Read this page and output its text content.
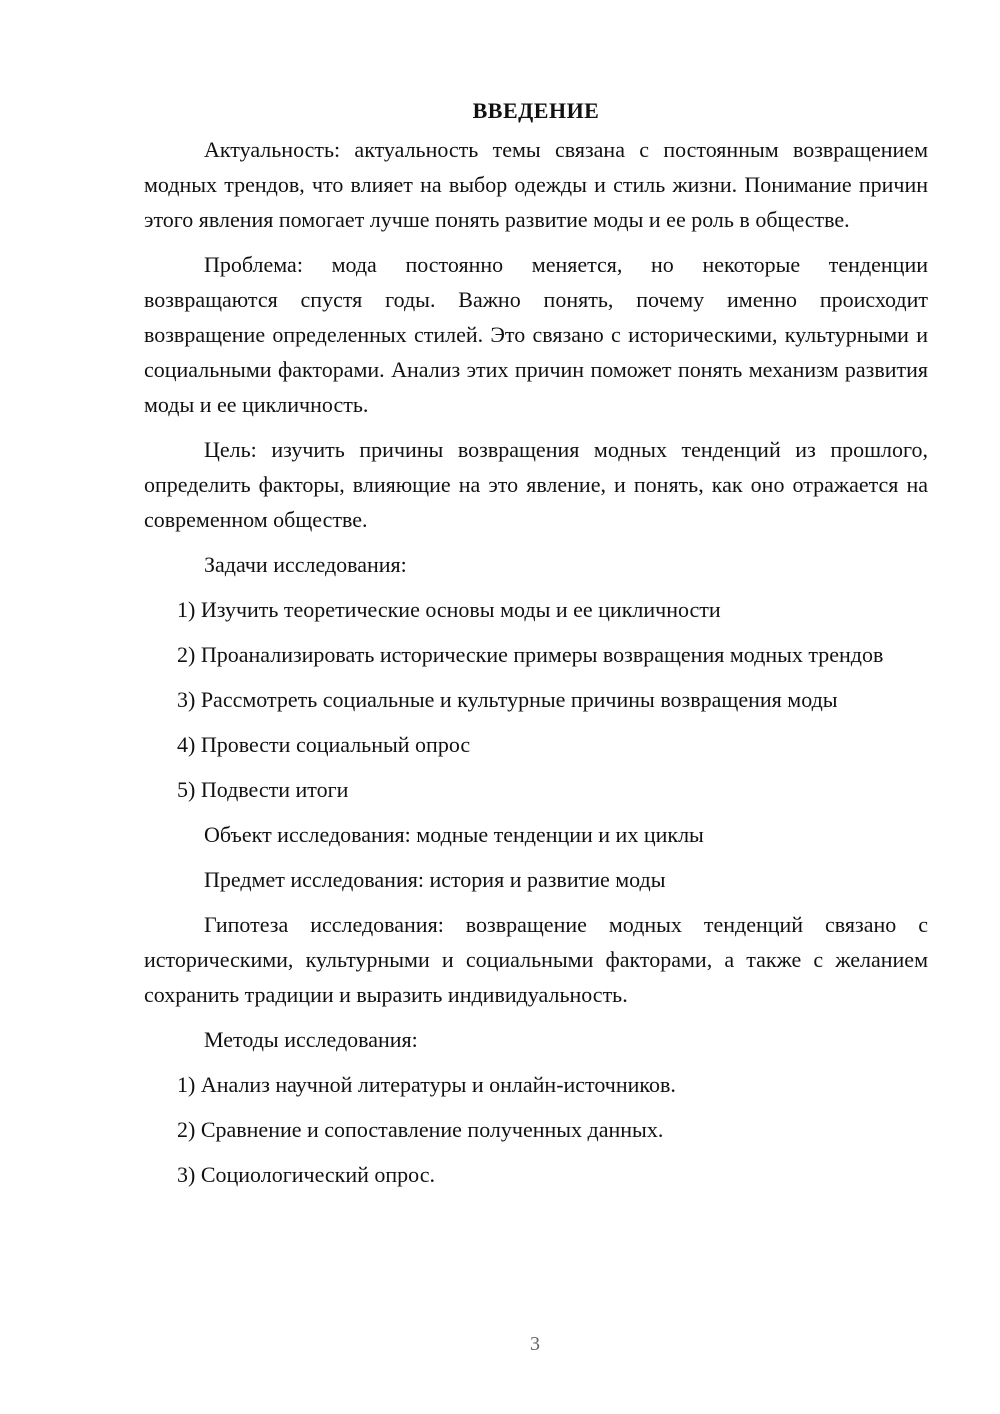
ВВЕДЕНИЕ

Актуальность: актуальность темы связана с постоянным возвращением модных трендов, что влияет на выбор одежды и стиль жизни. Понимание причин этого явления помогает лучше понять развитие моды и ее роль в обществе.

Проблема: мода постоянно меняется, но некоторые тенденции возвращаются спустя годы. Важно понять, почему именно происходит возвращение определенных стилей. Это связано с историческими, культурными и социальными факторами. Анализ этих причин поможет понять механизм развития моды и ее цикличность.

Цель: изучить причины возвращения модных тенденций из прошлого, определить факторы, влияющие на это явление, и понять, как оно отражается на современном обществе.

Задачи исследования:
1) Изучить теоретические основы моды и ее цикличности
2) Проанализировать исторические примеры возвращения модных трендов
3) Рассмотреть социальные и культурные причины возвращения моды
4) Провести социальный опрос
5) Подвести итоги
Объект исследования: модные тенденции и их циклы
Предмет исследования: история и развитие моды

Гипотеза исследования: возвращение модных тенденций связано с историческими, культурными и социальными факторами, а также с желанием сохранить традиции и выразить индивидуальность.

Методы исследования:
1) Анализ научной литературы и онлайн-источников.
2) Сравнение и сопоставление полученных данных.
3) Социологический опрос.
3
